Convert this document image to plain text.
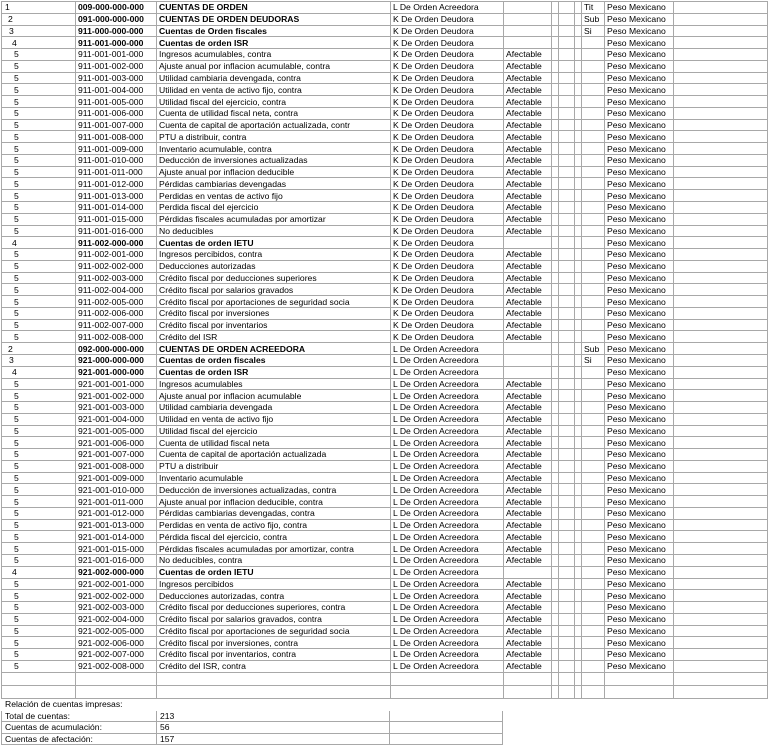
1	009-000-000-000	CUENTAS DE ORDEN	L De Orden Acreedora					Tit	Peso Mexicano	
2	091-000-000-000	CUENTAS DE ORDEN DEUDORAS	K De Orden Deudora					Sub	Peso Mexicano	
3	911-000-000-000	Cuentas de Orden fiscales	K De Orden Deudora					Si	Peso Mexicano	
4	911-001-000-000	Cuentas de orden ISR	K De Orden Deudora						Peso Mexicano	
5	911-001-001-000	Ingresos acumulables, contra	K De Orden Deudora	Afectable					Peso Mexicano	
5	911-001-002-000	Ajuste anual por inflacion acumulable, contra	K De Orden Deudora	Afectable					Peso Mexicano	
5	911-001-003-000	Utilidad cambiaria devengada, contra	K De Orden Deudora	Afectable					Peso Mexicano	
5	911-001-004-000	Utilidad en venta de activo fijo, contra	K De Orden Deudora	Afectable					Peso Mexicano	
5	911-001-005-000	Utilidad fiscal del ejercicio, contra	K De Orden Deudora	Afectable					Peso Mexicano	
5	911-001-006-000	Cuenta de utilidad fiscal neta, contra	K De Orden Deudora	Afectable					Peso Mexicano	
5	911-001-007-000	Cuenta de capital de aportación actualizada, contr	K De Orden Deudora	Afectable					Peso Mexicano	
5	911-001-008-000	PTU a distribuir, contra	K De Orden Deudora	Afectable					Peso Mexicano	
5	911-001-009-000	Inventario acumulable, contra	K De Orden Deudora	Afectable					Peso Mexicano	
5	911-001-010-000	Deducción de inversiones actualizadas	K De Orden Deudora	Afectable					Peso Mexicano	
5	911-001-011-000	Ajuste anual por inflacion deducible	K De Orden Deudora	Afectable					Peso Mexicano	
5	911-001-012-000	Pérdidas cambiarias devengadas	K De Orden Deudora	Afectable					Peso Mexicano	
5	911-001-013-000	Perdidas en ventas de activo fijo	K De Orden Deudora	Afectable					Peso Mexicano	
5	911-001-014-000	Perdida fiscal del ejercicio	K De Orden Deudora	Afectable					Peso Mexicano	
5	911-001-015-000	Pérdidas fiscales acumuladas por amortizar	K De Orden Deudora	Afectable					Peso Mexicano	
5	911-001-016-000	No deducibles	K De Orden Deudora	Afectable					Peso Mexicano	
4	911-002-000-000	Cuentas de orden IETU	K De Orden Deudora						Peso Mexicano	
5	911-002-001-000	Ingresos percibidos, contra	K De Orden Deudora	Afectable					Peso Mexicano	
5	911-002-002-000	Deducciones autorizadas	K De Orden Deudora	Afectable					Peso Mexicano	
5	911-002-003-000	Crédito fiscal por deducciones superiores	K De Orden Deudora	Afectable					Peso Mexicano	
5	911-002-004-000	Crédito fiscal por salarios gravados	K De Orden Deudora	Afectable					Peso Mexicano	
5	911-002-005-000	Crédito fiscal por aportaciones de seguridad socia	K De Orden Deudora	Afectable					Peso Mexicano	
5	911-002-006-000	Crédito fiscal por inversiones	K De Orden Deudora	Afectable					Peso Mexicano	
5	911-002-007-000	Crédito fiscal por inventarios	K De Orden Deudora	Afectable					Peso Mexicano	
5	911-002-008-000	Crédito del ISR	K De Orden Deudora	Afectable					Peso Mexicano	
2	092-000-000-000	CUENTAS DE ORDEN ACREEDORA	L De Orden Acreedora					Sub	Peso Mexicano	
3	921-000-000-000	Cuentas de orden fiscales	L De Orden Acreedora					Si	Peso Mexicano	
4	921-001-000-000	Cuentas de orden ISR	L De Orden Acreedora						Peso Mexicano	
5	921-001-001-000	Ingresos acumulables	L De Orden Acreedora	Afectable					Peso Mexicano	
5	921-001-002-000	Ajuste anual por inflacion acumulable	L De Orden Acreedora	Afectable					Peso Mexicano	
5	921-001-003-000	Utilidad cambiaria devengada	L De Orden Acreedora	Afectable					Peso Mexicano	
5	921-001-004-000	Utilidad en venta de activo fijo	L De Orden Acreedora	Afectable					Peso Mexicano	
5	921-001-005-000	Utilidad fiscal del ejercicio	L De Orden Acreedora	Afectable					Peso Mexicano	
5	921-001-006-000	Cuenta de utilidad fiscal neta	L De Orden Acreedora	Afectable					Peso Mexicano	
5	921-001-007-000	Cuenta de capital de aportación actualizada	L De Orden Acreedora	Afectable					Peso Mexicano	
5	921-001-008-000	PTU a distribuir	L De Orden Acreedora	Afectable					Peso Mexicano	
5	921-001-009-000	Inventario acumulable	L De Orden Acreedora	Afectable					Peso Mexicano	
5	921-001-010-000	Deducción de inversiones actualizadas, contra	L De Orden Acreedora	Afectable					Peso Mexicano	
5	921-001-011-000	Ajuste anual por inflacion deducible, contra	L De Orden Acreedora	Afectable					Peso Mexicano	
5	921-001-012-000	Pérdidas cambiarias devengadas, contra	L De Orden Acreedora	Afectable					Peso Mexicano	
5	921-001-013-000	Perdidas en venta de activo fijo, contra	L De Orden Acreedora	Afectable					Peso Mexicano	
5	921-001-014-000	Pérdida fiscal del ejercicio, contra	L De Orden Acreedora	Afectable					Peso Mexicano	
5	921-001-015-000	Pérdidas fiscales acumuladas por amortizar, contra	L De Orden Acreedora	Afectable					Peso Mexicano	
5	921-001-016-000	No deducibles, contra	L De Orden Acreedora	Afectable					Peso Mexicano	
4	921-002-000-000	Cuentas de orden IETU	L De Orden Acreedora						Peso Mexicano	
5	921-002-001-000	Ingresos percibidos	L De Orden Acreedora	Afectable					Peso Mexicano	
5	921-002-002-000	Deducciones autorizadas, contra	L De Orden Acreedora	Afectable					Peso Mexicano	
5	921-002-003-000	Crédito fiscal por deducciones superiores, contra	L De Orden Acreedora	Afectable					Peso Mexicano	
5	921-002-004-000	Crédito fiscal por salarios gravados, contra	L De Orden Acreedora	Afectable					Peso Mexicano	
5	921-002-005-000	Crédito fiscal por aportaciones de seguridad socia	L De Orden Acreedora	Afectable					Peso Mexicano	
5	921-002-006-000	Crédito fiscal por inversiones, contra	L De Orden Acreedora	Afectable					Peso Mexicano	
5	921-002-007-000	Crédito fiscal por inventarios, contra	L De Orden Acreedora	Afectable					Peso Mexicano	
5	921-002-008-000	Crédito del ISR, contra	L De Orden Acreedora	Afectable					Peso Mexicano	

Relación de cuentas impresas:			
Total de cuentas:	213		
Cuentas de acumulación:	56		
Cuentas de afectación:	157		
